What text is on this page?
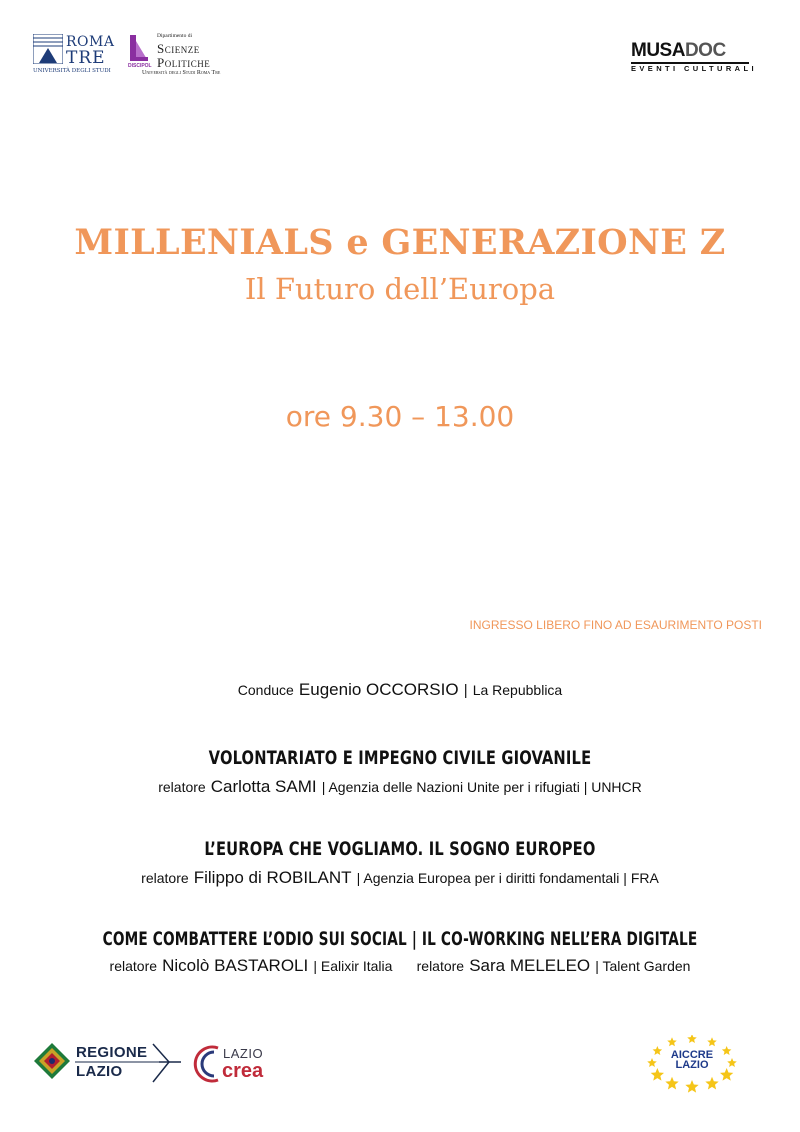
ROMA
TRE
UNIVERSITÀ DEGLI STUDI
DISCIPOL
Dipartimento di
Scienze
Politiche
Università degli Studi Roma Tre
MUSADOC
EVENTI CULTURALI
MILLENIALS e GENERAZIONE Z
Il Futuro dell’Europa
ore 9.30 – 13.00
INGRESSO LIBERO FINO AD ESAURIMENTO POSTI
Conduce Eugenio OCCORSIO | La Repubblica
VOLONTARIATO E IMPEGNO CIVILE GIOVANILE
relatore Carlotta SAMI | Agenzia delle Nazioni Unite per i rifugiati | UNHCR
L’EUROPA CHE VOGLIAMO. IL SOGNO EUROPEO
relatore Filippo di ROBILANT | Agenzia Europea per i diritti fondamentali | FRA
COME COMBATTERE L’ODIO SUI SOCIAL | IL CO-WORKING NELL’ERA DIGITALE
relatore Nicolò BASTAROLI | Ealixir Italia relatore Sara MELELEO | Talent Garden
REGIONE
LAZIO
LAZIO
crea
AICCRE
LAZIO
